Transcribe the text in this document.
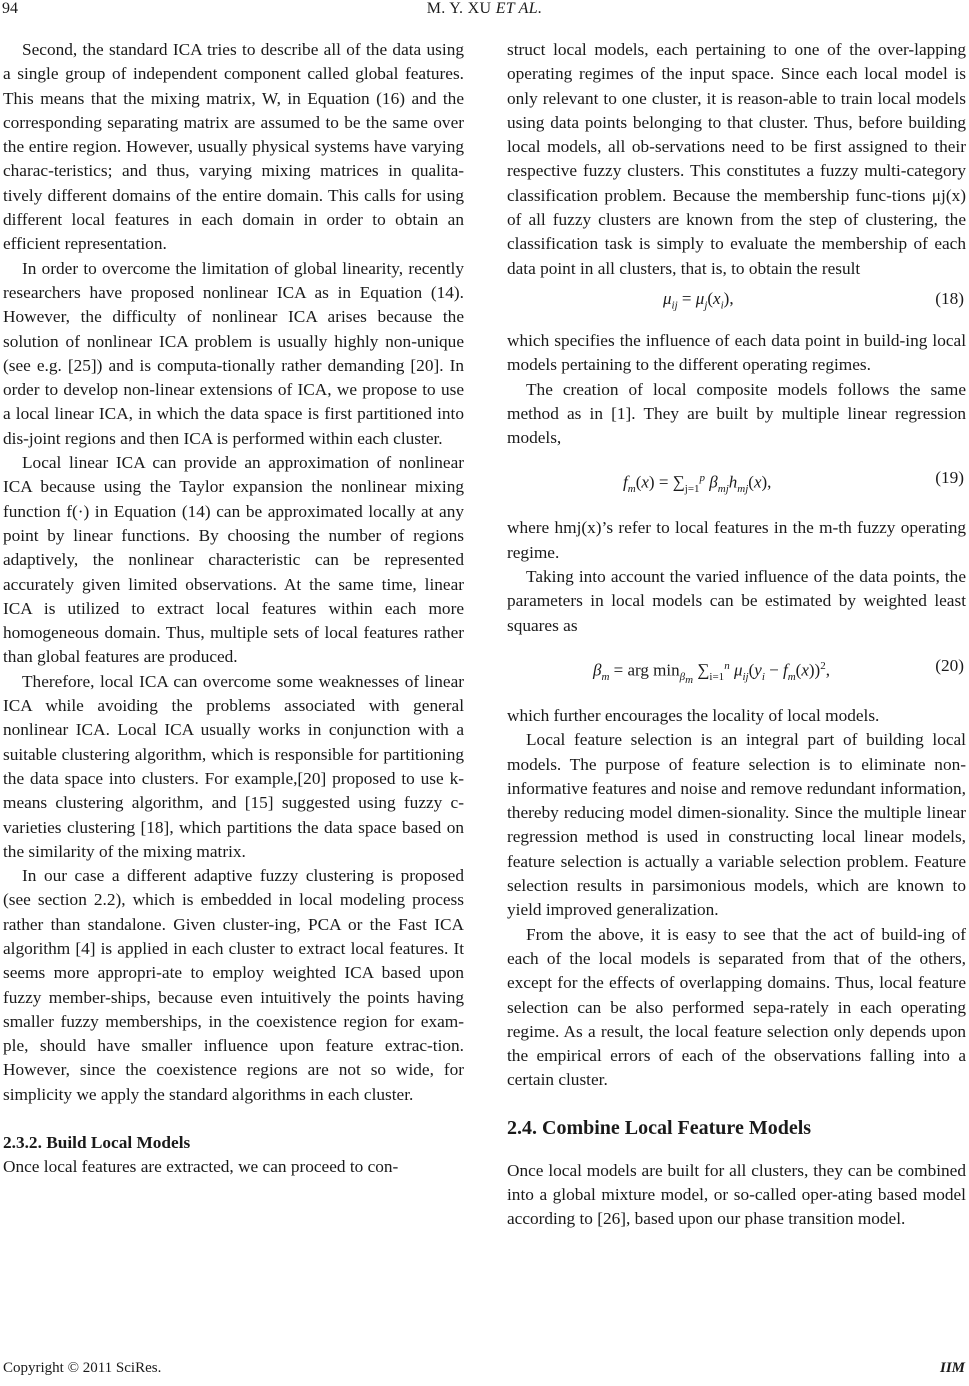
94	M. Y. XU ET AL.

Second, the standard ICA tries to describe all of the data using a single group of independent component called global features. This means that the mixing matrix, W, in Equation (16) and the corresponding separating matrix are assumed to be the same over the entire region. However, usually physical systems have varying charac-teristics; and thus, varying mixing matrices in qualita-tively different domains of the entire domain. This calls for using different local features in each domain in order to obtain an efficient representation.

In order to overcome the limitation of global linearity, recently researchers have proposed nonlinear ICA as in Equation (14). However, the difficulty of nonlinear ICA arises because the solution of nonlinear ICA problem is usually highly non-unique (see e.g. [25]) and is computa-tionally rather demanding [20]. In order to develop non-linear extensions of ICA, we propose to use a local linear ICA, in which the data space is first partitioned into dis-joint regions and then ICA is performed within each cluster.

Local linear ICA can provide an approximation of nonlinear ICA because using the Taylor expansion the nonlinear mixing function f(·) in Equation (14) can be approximated locally at any point by linear functions. By choosing the number of regions adaptively, the nonlinear characteristic can be represented accurately given limited observations. At the same time, linear ICA is utilized to extract local features within each more homogeneous domain. Thus, multiple sets of local features rather than global features are produced.

Therefore, local ICA can overcome some weaknesses of linear ICA while avoiding the problems associated with general nonlinear ICA. Local ICA usually works in conjunction with a suitable clustering algorithm, which is responsible for partitioning the data space into clusters. For example,[20] proposed to use k-means clustering algorithm, and [15] suggested using fuzzy c-varieties clustering [18], which partitions the data space based on the similarity of the mixing matrix.

In our case a different adaptive fuzzy clustering is proposed (see section 2.2), which is embedded in local modeling process rather than standalone. Given cluster-ing, PCA or the Fast ICA algorithm [4] is applied in each cluster to extract local features. It seems more appropri-ate to employ weighted ICA based upon fuzzy member-ships, because even intuitively the points having smaller fuzzy memberships, in the coexistence region for exam-ple, should have smaller influence upon feature extrac-tion. However, since the coexistence regions are not so wide, for simplicity we apply the standard algorithms in each cluster.

2.3.2. Build Local Models

Once local features are extracted, we can proceed to con-

struct local models, each pertaining to one of the over-lapping operating regimes of the input space. Since each local model is only relevant to one cluster, it is reason-able to train local models using data points belonging to that cluster. Thus, before building local models, all ob-servations need to be first assigned to their respective fuzzy clusters. This constitutes a fuzzy multi-category classification problem. Because the membership func-tions μj(x) of all fuzzy clusters are known from the step of clustering, the classification task is simply to evaluate the membership of each data point in all clusters, that is, to obtain the result

$\mu_{ij} = \mu_j(x_i)$,	(18)

which specifies the influence of each data point in build-ing local models pertaining to the different operating regimes.

The creation of local composite models follows the same method as in [1]. They are built by multiple linear regression models,

$f_m(x) = \sum_{j=1}^p$ $\beta_{mj}h_{mj}(x)$,	(19)

where hmj(x)’s refer to local features in the m-th fuzzy operating regime.

Taking into account the varied influence of the data points, the parameters in local models can be estimated by weighted least squares as

$\beta_m$ = arg $\min_{\beta_m} \sum_{i=1}^n$ $\mu_{ij}(y_i - f_m(x))^2$,	(20)

which further encourages the locality of local models.

Local feature selection is an integral part of building local models. The purpose of feature selection is to eliminate non-informative features and noise and remove redundant information, thereby reducing model dimen-sionality. Since the multiple linear regression method is used in constructing local linear models, feature selection is actually a variable selection problem. Feature selection results in parsimonious models, which are known to yield improved generalization.

From the above, it is easy to see that the act of build-ing of each of the local models is separated from that of the others, except for the effects of overlapping domains. Thus, local feature selection can be also performed sepa-rately in each operating regime. As a result, the local feature selection only depends upon the empirical errors of each of the observations falling into a certain cluster.

2.4. Combine Local Feature Models

Once local models are built for all clusters, they can be combined into a global mixture model, or so-called oper-ating based model according to [26], based upon our phase transition model.

Copyright © 2011 SciRes.	IIM
